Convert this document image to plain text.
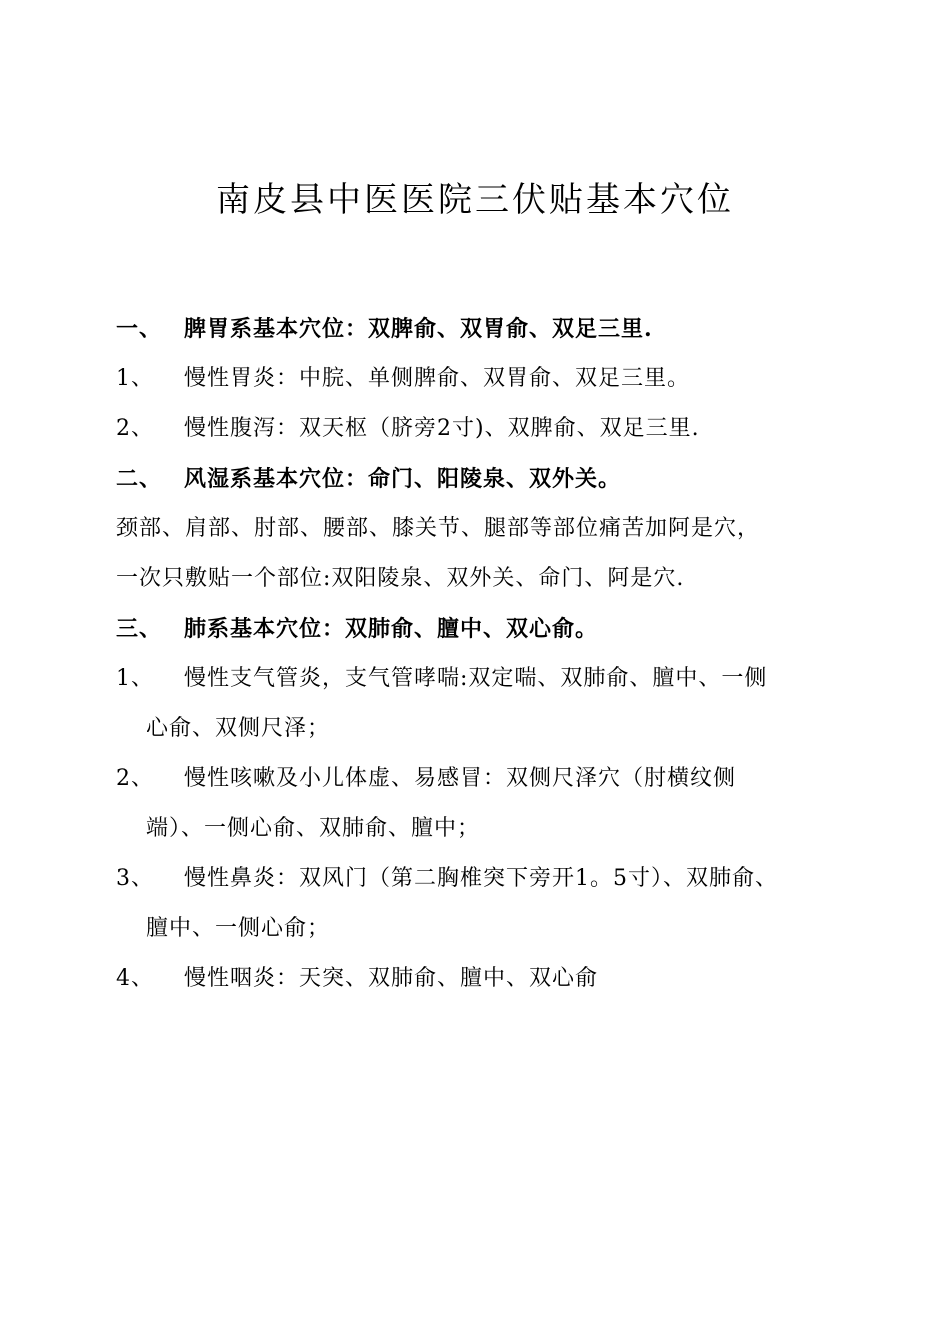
南皮县中医医院三伏贴基本穴位
一、 脾胃系基本穴位：双脾俞、双胃俞、双足三里.
1、 慢性胃炎：中脘、单侧脾俞、双胃俞、双足三里。
2、 慢性腹泻：双天枢（脐旁2寸)、双脾俞、双足三里.
二、 风湿系基本穴位：命门、阳陵泉、双外关。
颈部、肩部、肘部、腰部、膝关节、腿部等部位痛苦加阿是穴，
一次只敷贴一个部位:双阳陵泉、双外关、命门、阿是穴.
三、 肺系基本穴位：双肺俞、膻中、双心俞。
1、 慢性支气管炎，支气管哮喘:双定喘、双肺俞、膻中、一侧
心俞、双侧尺泽；
2、 慢性咳嗽及小儿体虚、易感冒：双侧尺泽穴（肘横纹侧
端）、一侧心俞、双肺俞、膻中；
3、 慢性鼻炎：双风门（第二胸椎突下旁开1。5寸）、双肺俞、
膻中、一侧心俞；
4、 慢性咽炎：天突、双肺俞、膻中、双心俞
